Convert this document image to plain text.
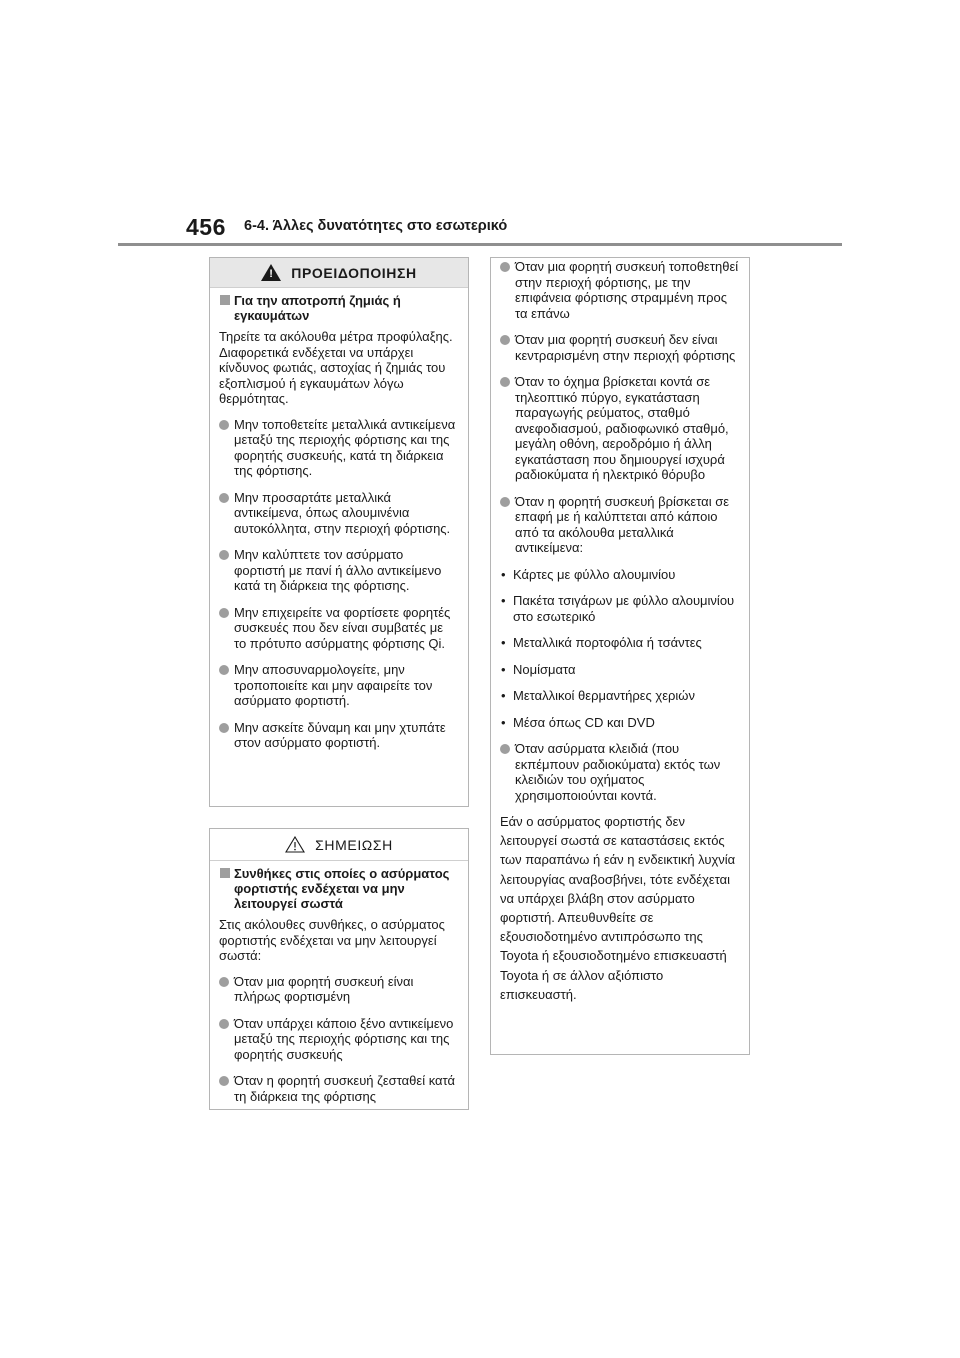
456 6-4. Άλλες δυνατότητες στο εσωτερικό
!
ΠΡΟΕΙΔΟΠΟΙΗΣΗ
Για την αποτροπή ζημιάς ή εγκαυμάτων
Τηρείτε τα ακόλουθα μέτρα προφύλαξης.
Διαφορετικά ενδέχεται να υπάρχει κίνδυνος φωτιάς, αστοχίας ή ζημιάς του εξοπλισμού ή εγκαυμάτων λόγω θερμότητας.
Μην τοποθετείτε μεταλλικά αντικείμενα μεταξύ της περιοχής φόρτισης και της φορητής συσκευής, κατά τη διάρκεια της φόρτισης.
Μην προσαρτάτε μεταλλικά αντικείμενα, όπως αλουμινένια αυτοκόλλητα, στην περιοχή φόρτισης.
Μην καλύπτετε τον ασύρματο φορτιστή με πανί ή άλλο αντικείμενο κατά τη διάρκεια της φόρτισης.
Μην επιχειρείτε να φορτίσετε φορητές συσκευές που δεν είναι συμβατές με το πρότυπο ασύρματης φόρτισης Qi.
Μην αποσυναρμολογείτε, μην τροποποιείτε και μην αφαιρείτε τον ασύρματο φορτιστή.
Μην ασκείτε δύναμη και μην χτυπάτε στον ασύρματο φορτιστή.
ΣΗΜΕΙΩΣΗ
Συνθήκες στις οποίες ο ασύρματος φορτιστής ενδέχεται να μην λειτουργεί σωστά
Στις ακόλουθες συνθήκες, ο ασύρματος φορτιστής ενδέχεται να μην λειτουργεί σωστά:
Όταν μια φορητή συσκευή είναι πλήρως φορτισμένη
Όταν υπάρχει κάποιο ξένο αντικείμενο μεταξύ της περιοχής φόρτισης και της φορητής συσκευής
Όταν η φορητή συσκευή ζεσταθεί κατά τη διάρκεια της φόρτισης
Όταν μια φορητή συσκευή τοποθετηθεί στην περιοχή φόρτισης, με την επιφάνεια φόρτισης στραμμένη προς τα επάνω
Όταν μια φορητή συσκευή δεν είναι κεντραρισμένη στην περιοχή φόρτισης
Όταν το όχημα βρίσκεται κοντά σε τηλεοπτικό πύργο, εγκατάσταση παραγωγής ρεύματος, σταθμό ανεφοδιασμού, ραδιοφωνικό σταθμό, μεγάλη οθόνη, αεροδρόμιο ή άλλη εγκατάσταση που δημιουργεί ισχυρά ραδιοκύματα ή ηλεκτρικό θόρυβο
Όταν η φορητή συσκευή βρίσκεται σε επαφή με ή καλύπτεται από κάποιο από τα ακόλουθα μεταλλικά αντικείμενα:
• Κάρτες με φύλλο αλουμινίου
• Πακέτα τσιγάρων με φύλλο αλουμινίου στο εσωτερικό
• Μεταλλικά πορτοφόλια ή τσάντες
• Νομίσματα
• Μεταλλικοί θερμαντήρες χεριών
• Μέσα όπως CD και DVD
Όταν ασύρματα κλειδιά (που εκπέμπουν ραδιοκύματα) εκτός των κλειδιών του οχήματος χρησιμοποιούνται κοντά.
Εάν ο ασύρματος φορτιστής δεν λειτουργεί σωστά σε καταστάσεις εκτός των παραπάνω ή εάν η ενδεικτική λυχνία λειτουργίας αναβοσβήνει, τότε ενδέχεται να υπάρχει βλάβη στον ασύρματο φορτιστή. Απευθυνθείτε σε εξουσιοδοτημένο αντιπρόσωπο της Toyota ή εξουσιοδοτημένο επισκευαστή Toyota ή σε άλλον αξιόπιστο επισκευαστή.
